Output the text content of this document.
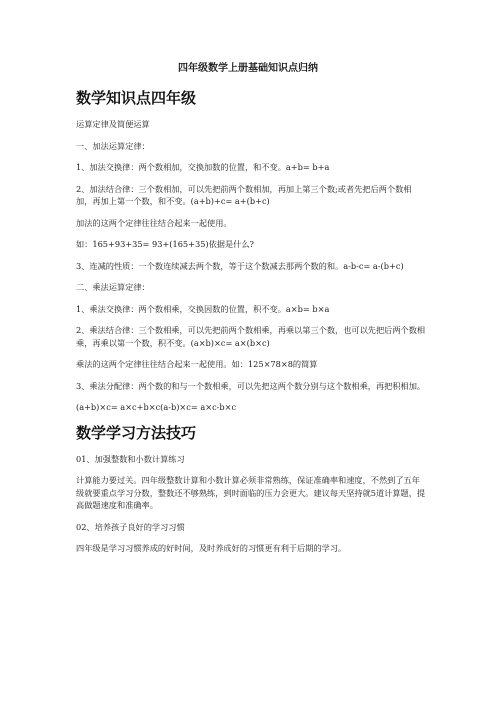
四年级数学上册基础知识点归纳
数学知识点四年级
运算定律及简便运算
一、加法运算定律：
1、加法交换律：两个数相加，交换加数的位置，和不变。a+b= b+a
2、加法结合律：三个数相加，可以先把前两个数相加，再加上第三个数;或者先把后两个数相加，再加上第一个数，和不变。(a+b)+c= a+(b+c)
加法的这两个定律往往结合起来一起使用。
如：165+93+35= 93+(165+35)依据是什么?
3、连减的性质：一个数连续减去两个数，等于这个数减去那两个数的和。a-b-c= a-(b+c)
二、乘法运算定律：
1、乘法交换律：两个数相乘，交换因数的位置，积不变。a×b= b×a
2、乘法结合律：三个数相乘，可以先把前两个数相乘，再乘以第三个数，也可以先把后两个数相乘，再乘以第一个数，积不变。(a×b)×c= a×(b×c)
乘法的这两个定律往往结合起来一起使用。如：125×78×8的简算
3、乘法分配律：两个数的和与一个数相乘，可以先把这两个数分别与这个数相乘，再把积相加。
(a+b)×c= a×c+b×c(a-b)×c= a×c-b×c
数学学习方法技巧
01、加强整数和小数计算练习
计算能力要过关。四年级整数计算和小数计算必须非常熟练，保证准确率和速度，不然到了五年级就要重点学习分数，整数还不够熟练，到时面临的压力会更大。建议每天坚持就5道计算题，提高做题速度和准确率。
02、培养孩子良好的学习习惯
四年级是学习习惯养成的好时间，及时养成好的习惯更有利于后期的学习。
